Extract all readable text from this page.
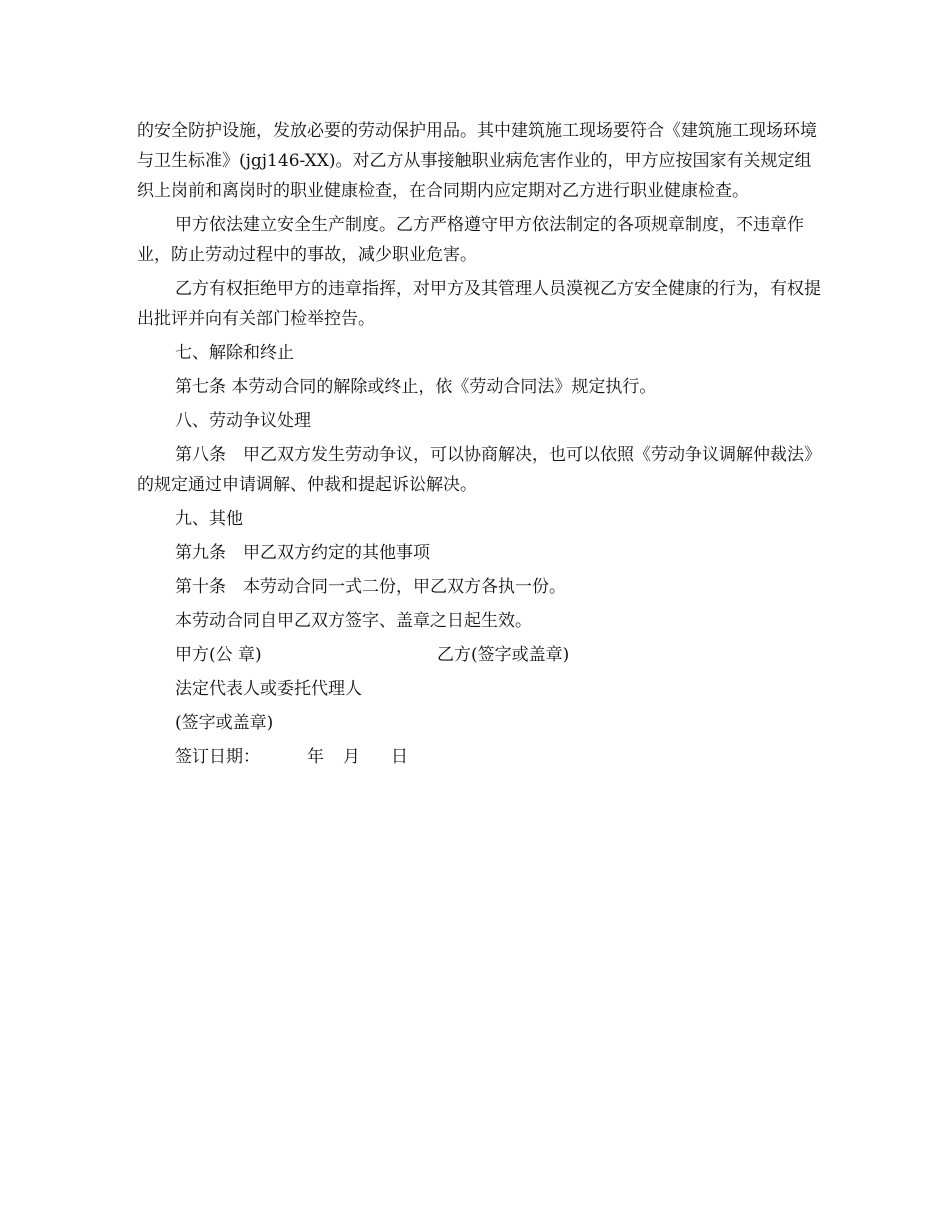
的安全防护设施，发放必要的劳动保护用品。其中建筑施工现场要符合《建筑施工现场环境与卫生标准》(jgj146-XX)。对乙方从事接触职业病危害作业的，甲方应按国家有关规定组织上岗前和离岗时的职业健康检查，在合同期内应定期对乙方进行职业健康检查。

甲方依法建立安全生产制度。乙方严格遵守甲方依法制定的各项规章制度，不违章作业，防止劳动过程中的事故，减少职业危害。

乙方有权拒绝甲方的违章指挥，对甲方及其管理人员漠视乙方安全健康的行为，有权提出批评并向有关部门检举控告。

七、解除和终止
第七条 本劳动合同的解除或终止，依《劳动合同法》规定执行。
八、劳动争议处理

第八条　甲乙双方发生劳动争议，可以协商解决，也可以依照《劳动争议调解仲裁法》的规定通过申请调解、仲裁和提起诉讼解决。

九、其他
第九条　甲乙双方约定的其他事项
第十条　本劳动合同一式二份，甲乙双方各执一份。
本劳动合同自甲乙双方签字、盖章之日起生效。
甲方(公 章)	乙方(签字或盖章)
法定代表人或委托代理人
(签字或盖章)
签订日期：	年	月	日
